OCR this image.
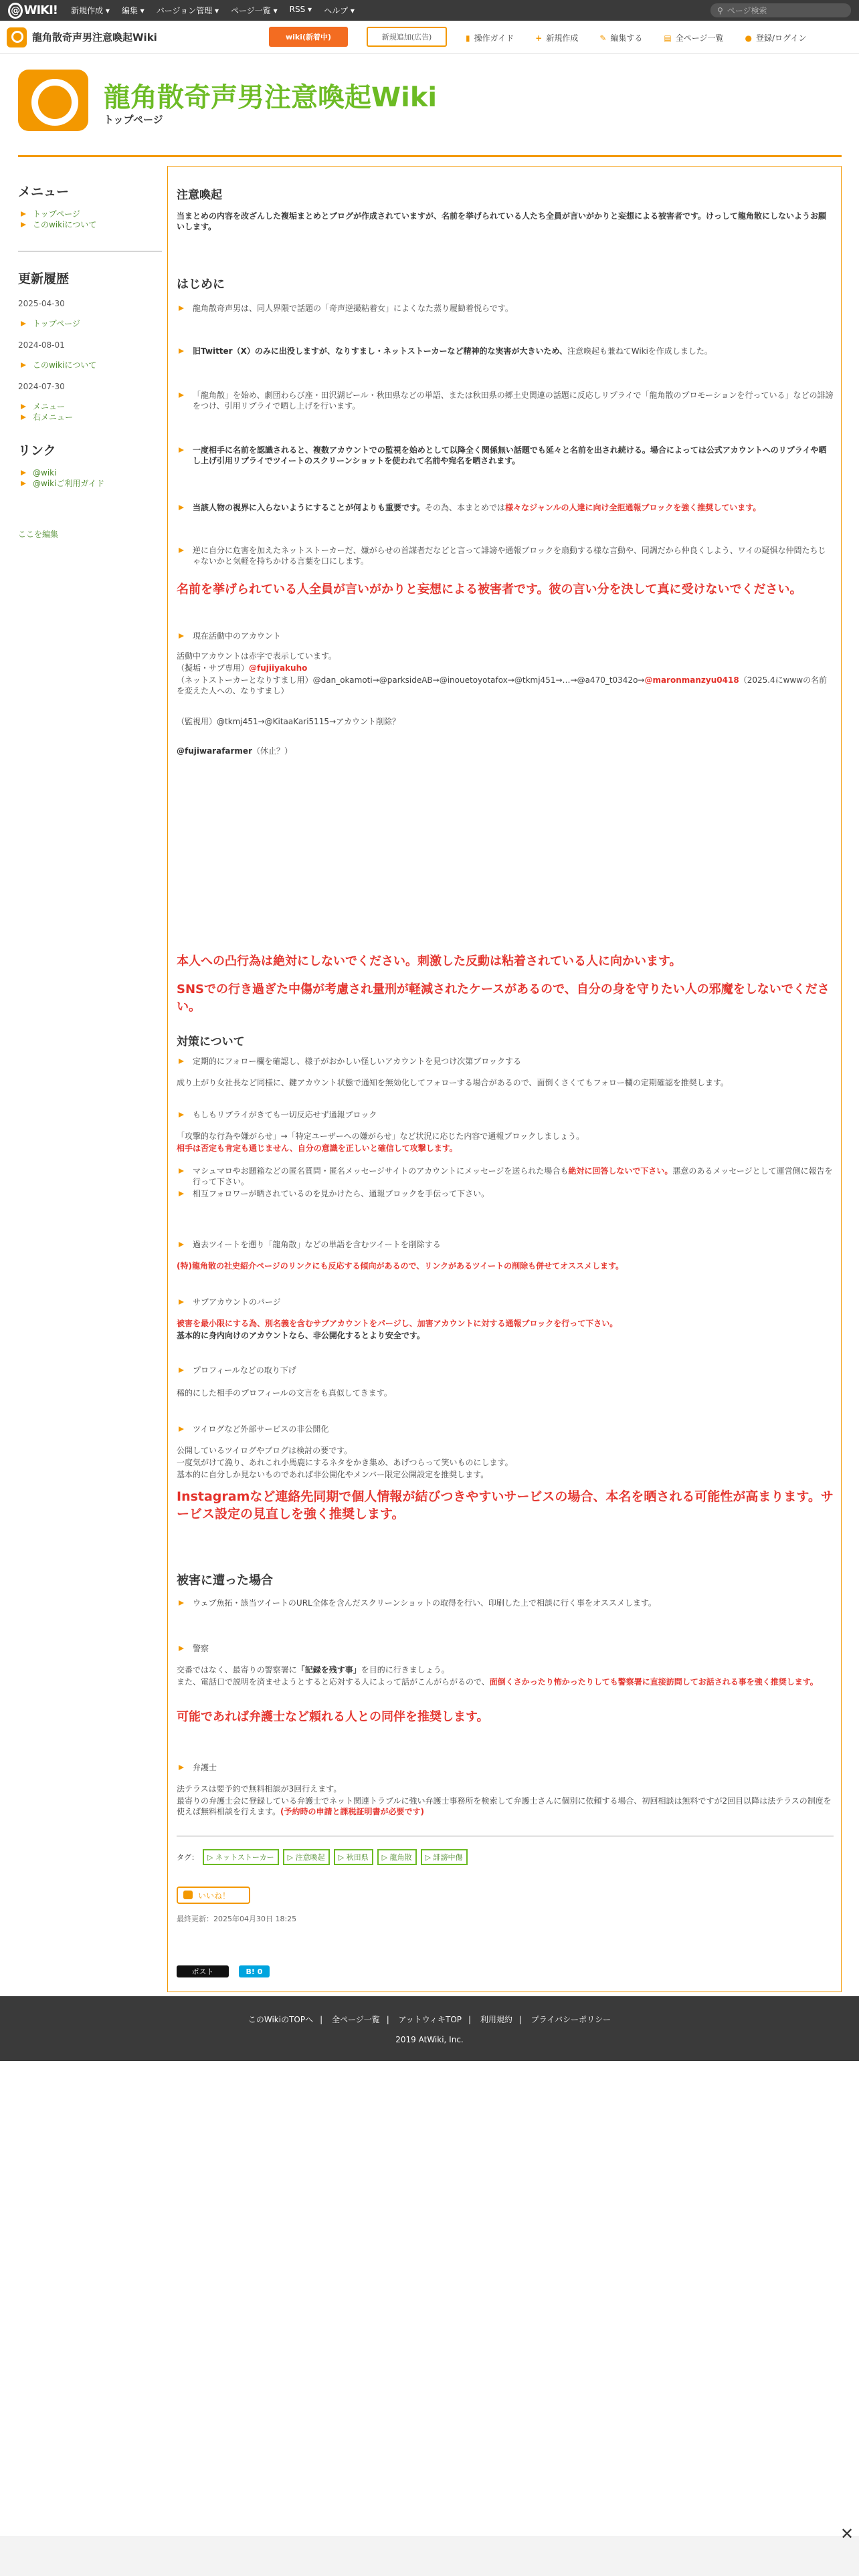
@ WIKI! 新規作成 ▾ 編集 ▾ バージョン管理 ▾ ページ一覧 ▾ RSS ▾ ヘルプ ▾	⚲ ページ検索
龍角散奇声男注意喚起Wiki	wiki(新着中)	新規追加(広告)	▮ 操作ガイド	+ 新規作成	✎ 編集する	▤ 全ページ一覧	● 登録/ログイン
龍角散奇声男注意喚起Wiki
トップページ
メニュー
トップページ
このwikiについて
更新履歴
2025-04-30
トップページ
2024-08-01
このwikiについて
2024-07-30
メニュー
右メニュー
リンク
@wiki
@wikiご利用ガイド
ここを編集
注意喚起
当まとめの内容を改ざんした複垢まとめとブログが作成されていますが、名前を挙げられている人たち全員が言いがかりと妄想による被害者です。けっして龍角散にしないようお願いします。
はじめに
龍角散奇声男は、同人界隈で話題の「奇声逆撮粘着女」によくなた蒸り履勧着悦らです。
旧Twitter（X）のみに出没しますが、なりすまし・ネットストーカーなど精神的な実害が大きいため、注意喚起も兼ねてWikiを作成しました。
「龍角散」を始め、劇団わらび座・田沢湖ビール・秋田県などの単語、または秋田県の郷土史関連の話題に反応しリプライで「龍角散のプロモーションを行っている」などの誹謗をつけ、引用リプライで晒し上げを行います。
一度相手に名前を認識されると、複数アカウントでの監視を始めとして以降全く関係無い話題でも延々と名前を出され続ける。場合によっては公式アカウントへのリプライや晒し上げ引用リプライでツイートのスクリーンショットを使われて名前や宛名を晒されます。
当該人物の視界に入らないようにすることが何よりも重要です。その為、本まとめでは様々なジャンルの人達に向け全拒通報ブロックを強く推奨しています。
逆に自分に危害を加えたネットストーカーだ、嫌がらせの首謀者だなどと言って誹謗や通報ブロックを扇動する様な言動や、同調だから仲良くしよう、ワイの疑惧な仲間たちじゃないかと気軽を持ちかける言葉を口にします。
名前を挙げられている人全員が言いがかりと妄想による被害者です。彼の言い分を決して真に受けないでください。
現在活動中のアカウント
活動中アカウントは赤字で表示しています。
（擬垢・サブ専用）@fujiiyakuho
（ネットストーカーとなりすまし用）@dan_okamoti→@parksideAB→@inouetoyotafox→@tkmj451→…→@a470_t0342o→@maronmanzyu0418（2025.4にwwwの名前を変えた人への、なりすまし）
（監視用）@tkmj451→@KitaaKari5115→アカウント削除？
@fujiwarafarmer（休止？）
本人への凸行為は絶対にしないでください。刺激した反動は粘着されている人に向かいます。
SNSでの行き過ぎた中傷が考慮され量刑が軽減されたケースがあるので、自分の身を守りたい人の邪魔をしないでください。
対策について
定期的にフォロー欄を確認し、様子がおかしい怪しいアカウントを見つけ次第ブロックする
成り上がり女社長など同様に、鍵アカウント状態で通知を無効化してフォローする場合があるので、面倒くさくてもフォロー欄の定期確認を推奨します。
もしもリプライがきても一切反応せず通報ブロック
「攻撃的な行為や嫌がらせ」→「特定ユーザーへの嫌がらせ」など状況に応じた内容で通報ブロックしましょう。
相手は否定も肯定も通じません、自分の意識を正しいと確信して攻撃します。
マシュマロやお題箱などの匿名質問・匿名メッセージサイトのアカウントにメッセージを送られた場合も絶対に回答しないで下さい。悪意のあるメッセージとして運営側に報告を行って下さい。
相互フォロワーが晒されているのを見かけたら、通報ブロックを手伝って下さい。
過去ツイートを遡り「龍角散」などの単語を含むツイートを削除する
(特)龍角散の社史紹介ページのリンクにも反応する傾向があるので、リンクがあるツイートの削除も併せてオススメします。
サブアカウントのパージ
被害を最小限にする為、別名義を含むサブアカウントをパージし、加害アカウントに対する通報ブロックを行って下さい。
基本的に身内向けのアカウントなら、非公開化するとより安全です。
プロフィールなどの取り下げ
稀的にした相手のプロフィールの文言をも真似してきます。
ツイログなど外部サービスの非公開化
公開しているツイログやブログは検討の要です。
一度気がけて漁り、あれこれ小馬鹿にするネタをかき集め、あげつらって笑いものにします。
基本的に自分しか見ないものであれば非公開化やメンバー限定公開設定を推奨します。
Instagramなど連絡先同期で個人情報が結びつきやすいサービスの場合、本名を晒される可能性が高まります。サービス設定の見直しを強く推奨します。
被害に遭った場合
ウェブ魚拓・該当ツイートのURL全体を含んだスクリーンショットの取得を行い、印刷した上で相談に行く事をオススメします。
警察
交番ではなく、最寄りの警察署に「記録を残す事」を目的に行きましょう。
また、電話口で説明を済ませようとすると応対する人によって話がこんがらがるので、面倒くさかったり怖かったりしても警察署に直接訪問してお話される事を強く推奨します。
可能であれば弁護士など頼れる人との同伴を推奨します。
弁護士
法テラスは要予約で無料相談が3回行えます。
最寄りの弁護士会に登録している弁護士でネット関連トラブルに強い弁護士事務所を検索して弁護士さんに個別に依頼する場合、初回相談は無料ですが2回目以降は法テラスの制度を使えば無料相談を行えます。(予約時の申請と課税証明書が必要です)
タグ：	▷ ネットストーカー	▷ 注意喚起	▷ 秋田県	▷ 龍角散	▷ 誹謗中傷
いいね！
最終更新：2025年04月30日 18:25
ポスト	B! 0
このWikiのTOPへ | 全ページ一覧 | アットウィキTOP | 利用規約 | プライバシーポリシー
2019 AtWiki, Inc.
✕
